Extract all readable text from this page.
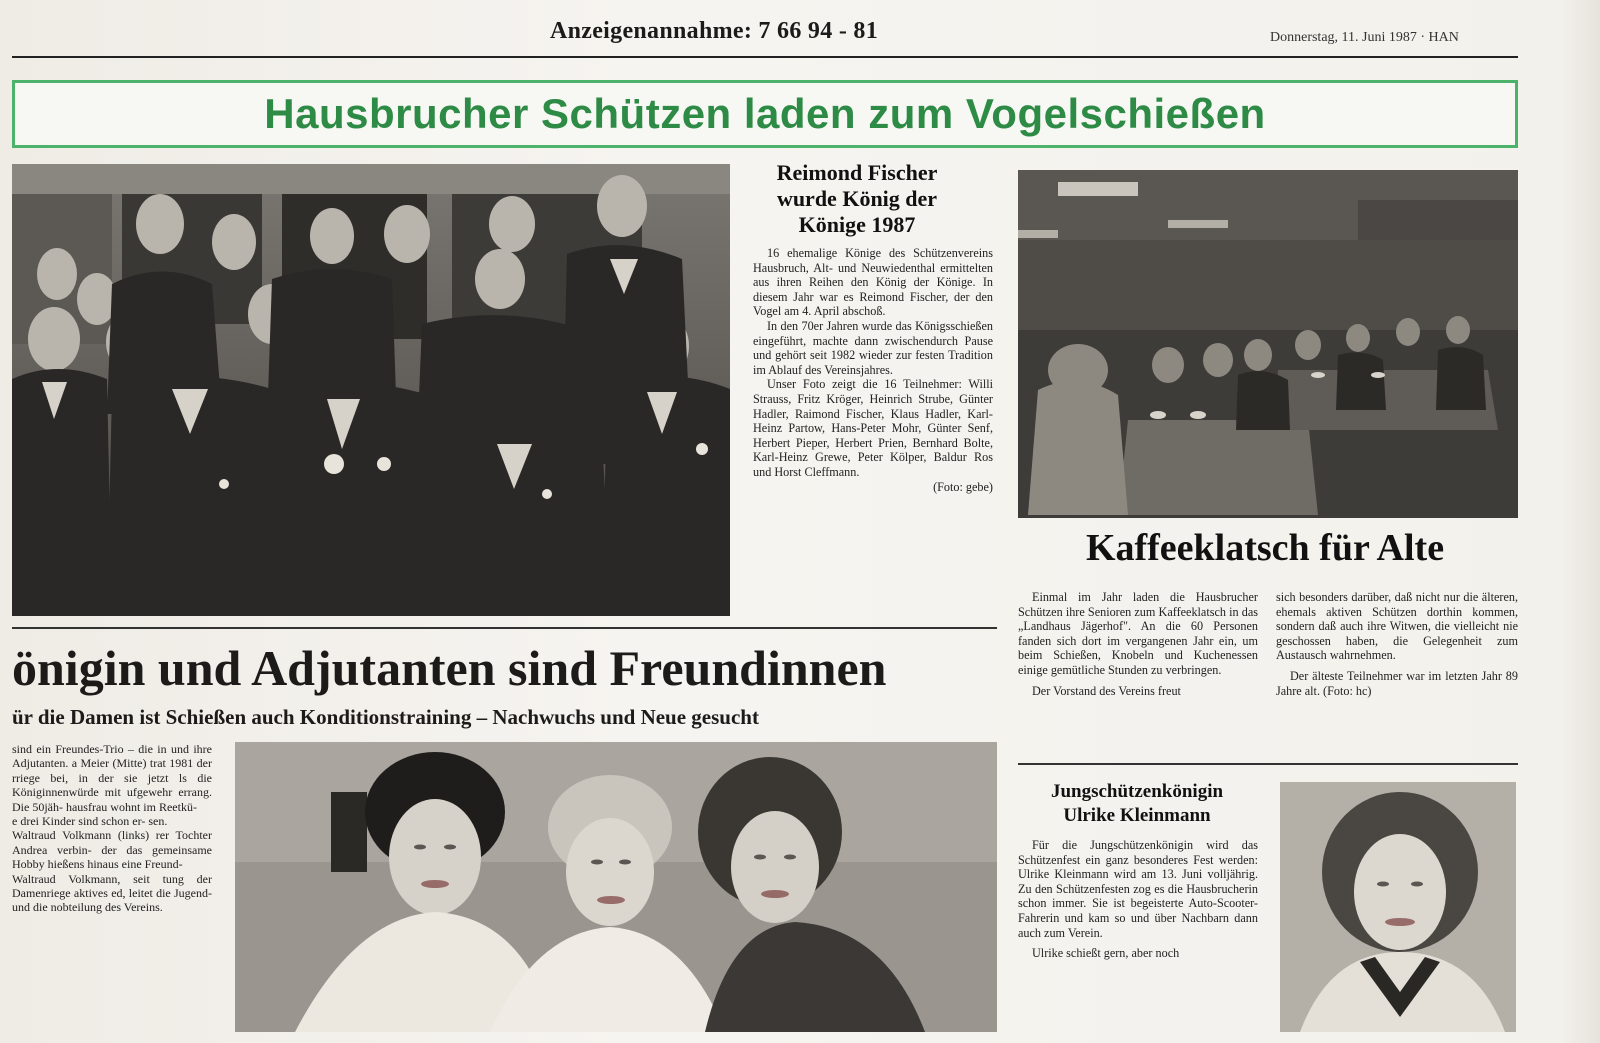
Anzeigenannahme: 7 66 94 - 81	Donnerstag, 11. Juni 1987 · HAN
Hausbrucher Schützen laden zum Vogelschießen
Reimond Fischer
wurde König der
Könige 1987

16 ehemalige Könige des Schützenvereins Hausbruch, Alt- und Neuwiedenthal ermittelten aus ihren Reihen den König der Könige. In diesem Jahr war es Reimond Fischer, der den Vogel am 4. April abschoß.

In den 70er Jahren wurde das Königsschießen eingeführt, machte dann zwischendurch Pause und gehört seit 1982 wieder zur festen Tradition im Ablauf des Vereinsjahres.

Unser Foto zeigt die 16 Teilnehmer: Willi Strauss, Fritz Kröger, Heinrich Strube, Günter Hadler, Raimond Fischer, Klaus Hadler, Karl-Heinz Partow, Hans-Peter Mohr, Günter Senf, Herbert Pieper, Herbert Prien, Bernhard Bolte, Karl-Heinz Grewe, Peter Kölper, Baldur Ros und Horst Cleffmann.

(Foto: gebe)
Kaffeeklatsch für Alte

Einmal im Jahr laden die Hausbrucher Schützen ihre Senioren zum Kaffeeklatsch in das „Landhaus Jägerhof". An die 60 Personen fanden sich dort im vergangenen Jahr ein, um beim Schießen, Knobeln und Kuchenessen einige gemütliche Stunden zu verbringen.

Der Vorstand des Vereins freut

sich besonders darüber, daß nicht nur die älteren, ehemals aktiven Schützen dorthin kommen, sondern daß auch ihre Witwen, die vielleicht nie geschossen haben, die Gelegenheit zum Austausch wahrnehmen.

Der älteste Teilnehmer war im letzten Jahr 89 Jahre alt. (Foto: hc)

önigin und Adjutanten sind Freundinnen
ür die Damen ist Schießen auch Konditionstraining – Nachwuchs und Neue gesucht

sind ein Freundes-Trio – die in und ihre Adjutanten. a Meier (Mitte) trat 1981 der rriege bei, in der sie jetzt ls die Königinnenwürde mit ufgewehr errang. Die 50jäh- hausfrau wohnt im Reetkü-

e drei Kinder sind schon er- sen.

Waltraud Volkmann (links) rer Tochter Andrea verbin- der das gemeinsame Hobby hießens hinaus eine Freund-

Waltraud Volkmann, seit tung der Damenriege aktives ed, leitet die Jugend- und die nobteilung des Vereins.

Jungschützenkönigin
Ulrike Kleinmann

Für die Jungschützenkönigin wird das Schützenfest ein ganz besonderes Fest werden: Ulrike Kleinmann wird am 13. Juni volljährig. Zu den Schützenfesten zog es die Hausbrucherin schon immer. Sie ist begeisterte Auto-Scooter-Fahrerin und kam so und über Nachbarn dann auch zum Verein.

Ulrike schießt gern, aber noch
